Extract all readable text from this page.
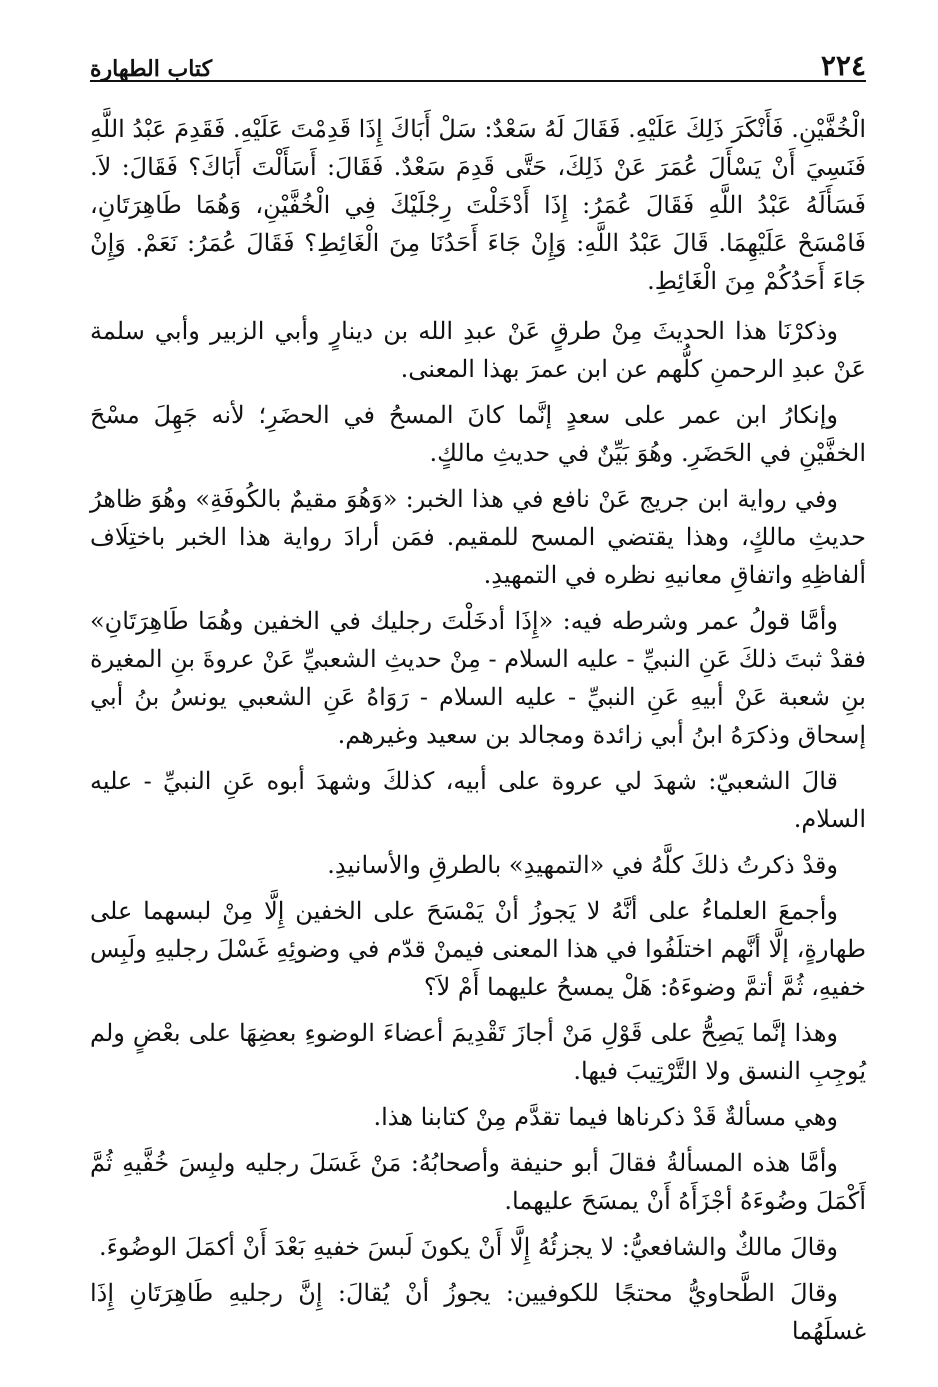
٢٢٤
كتاب الطهارة

الْخُفَّيْنِ. فَأَنْكَرَ ذَلِكَ عَلَيْهِ. فَقَالَ لَهُ سَعْدٌ: سَلْ أَبَاكَ إِذَا قَدِمْتَ عَلَيْهِ. فَقَدِمَ عَبْدُ اللَّهِ فَنَسِيَ أَنْ يَسْأَلَ عُمَرَ عَنْ ذَلِكَ، حَتَّى قَدِمَ سَعْدٌ. فَقَالَ: أَسَأَلْتَ أَبَاكَ؟ فَقَالَ: لاَ. فَسَأَلَهُ عَبْدُ اللَّهِ فَقَالَ عُمَرُ: إِذَا أَدْخَلْتَ رِجْلَيْكَ فِي الْخُفَّيْنِ، وَهُمَا طَاهِرَتَانِ، فَامْسَحْ عَلَيْهِمَا. قَالَ عَبْدُ اللَّهِ: وَإِنْ جَاءَ أَحَدُنَا مِنَ الْغَائِطِ؟ فَقَالَ عُمَرُ: نَعَمْ. وَإِنْ جَاءَ أَحَدُكُمْ مِنَ الْغَائِطِ.

وذكرْنَا هذا الحديثَ مِنْ طرقٍ عَنْ عبدِ الله بن دينارٍ وأبي الزبير وأبي سلمة عَنْ عبدِ الرحمنِ كلُّهم عن ابن عمرَ بهذا المعنى.

وإنكارُ ابن عمر على سعدٍ إنَّما كانَ المسحُ في الحضَرِ؛ لأنه جَهِلَ مسْحَ الخفَّيْنِ في الحَضَرِ. وهُوَ بَيِّنٌ في حديثِ مالكٍ.

وفي رواية ابن جريج عَنْ نافع في هذا الخبر: «وَهُوَ مقيمٌ بالكُوفَةِ» وهُوَ ظاهرُ حديثِ مالكٍ، وهذا يقتضي المسح للمقيم. فمَن أرادَ رواية هذا الخبر باختِلَاف ألفاظِهِ واتفاقِ معانيهِ نظره في التمهيدِ.

وأمَّا قولُ عمر وشرطه فيه: «إِذَا أدخَلْتَ رجليك في الخفين وهُمَا طَاهِرَتَانِ» فقدْ ثبتَ ذلكَ عَنِ النبيِّ - عليه السلام - مِنْ حديثِ الشعبيِّ عَنْ عروةَ بنِ المغيرة بنِ شعبة عَنْ أبيهِ عَنِ النبيِّ - عليه السلام - رَوَاهُ عَنِ الشعبي يونسُ بنُ أبي إسحاق وذكرَهُ ابنُ أبي زائدة ومجالد بن سعيد وغيرهم.

قالَ الشعبيّ: شهدَ لي عروة على أبيه، كذلكَ وشهدَ أبوه عَنِ النبيِّ - عليه السلام.

وقدْ ذكرتُ ذلكَ كلَّهُ في «التمهيدِ» بالطرقِ والأسانيدِ.

وأجمعَ العلماءُ على أنَّهُ لا يَجوزُ أنْ يَمْسَحَ على الخفين إِلَّا مِنْ لبسهما على طهارةٍ، إلَّا أنَّهم اختلَفُوا في هذا المعنى فيمنْ قدّم في وضوئِهِ غَسْلَ رجليهِ ولَبِس خفيهِ، ثُمَّ أتمَّ وضوءَهُ: هَلْ يمسحُ عليهما أَمْ لاَ؟

وهذا إنَّما يَصِحُّ على قَوْلِ مَنْ أجازَ تَقْدِيمَ أعضاءَ الوضوءِ بعضِهَا على بعْضٍ ولم يُوجِبِ النسق ولا التَّرْتِيبَ فيها.

وهي مسألةٌ قَدْ ذكرناها فيما تقدَّم مِنْ كتابنا هذا.

وأمَّا هذه المسألةُ فقالَ أبو حنيفة وأصحابُهُ: مَنْ غَسَلَ رجليه ولبِسَ خُفَّيهِ ثُمَّ أَكْمَلَ وضُوءَهُ أجْزَأَهُ أَنْ يمسَحَ عليهما.

وقالَ مالكٌ والشافعيُّ: لا يجزئُهُ إِلَّا أَنْ يكونَ لَبسَ خفيهِ بَعْدَ أَنْ أكمَلَ الوضُوءَ.

وقالَ الطَّحاويُّ محتجًا للكوفيين: يجوزُ أنْ يُقالَ: إِنَّ رجليهِ طَاهِرَتَانِ إِذَا غسلَهُما
